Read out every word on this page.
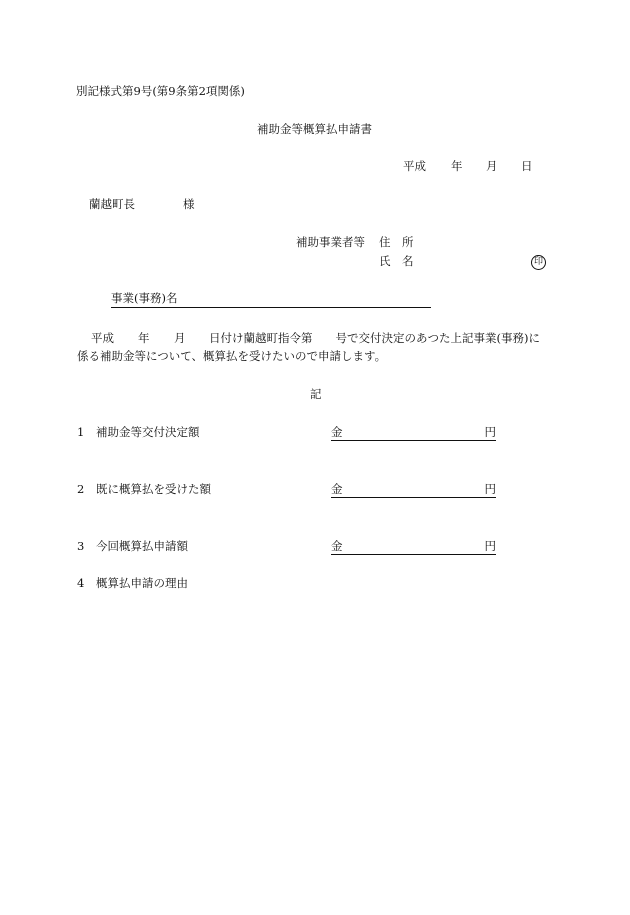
別記様式第9号(第9条第2項関係)
補助金等概算払申請書
平成 年 月 日
蘭越町長	様
補助事業者等 住　所
氏　名	印
事業(事務)名
平成 年 月 日付け蘭越町指令第　　号で交付決定のあつた上記事業(事務)に
係る補助金等について、概算払を受けたいので申請します。
記
1 補助金等交付決定額	金	円
2 既に概算払を受けた額	金	円
3 今回概算払申請額	金	円
4 概算払申請の理由
